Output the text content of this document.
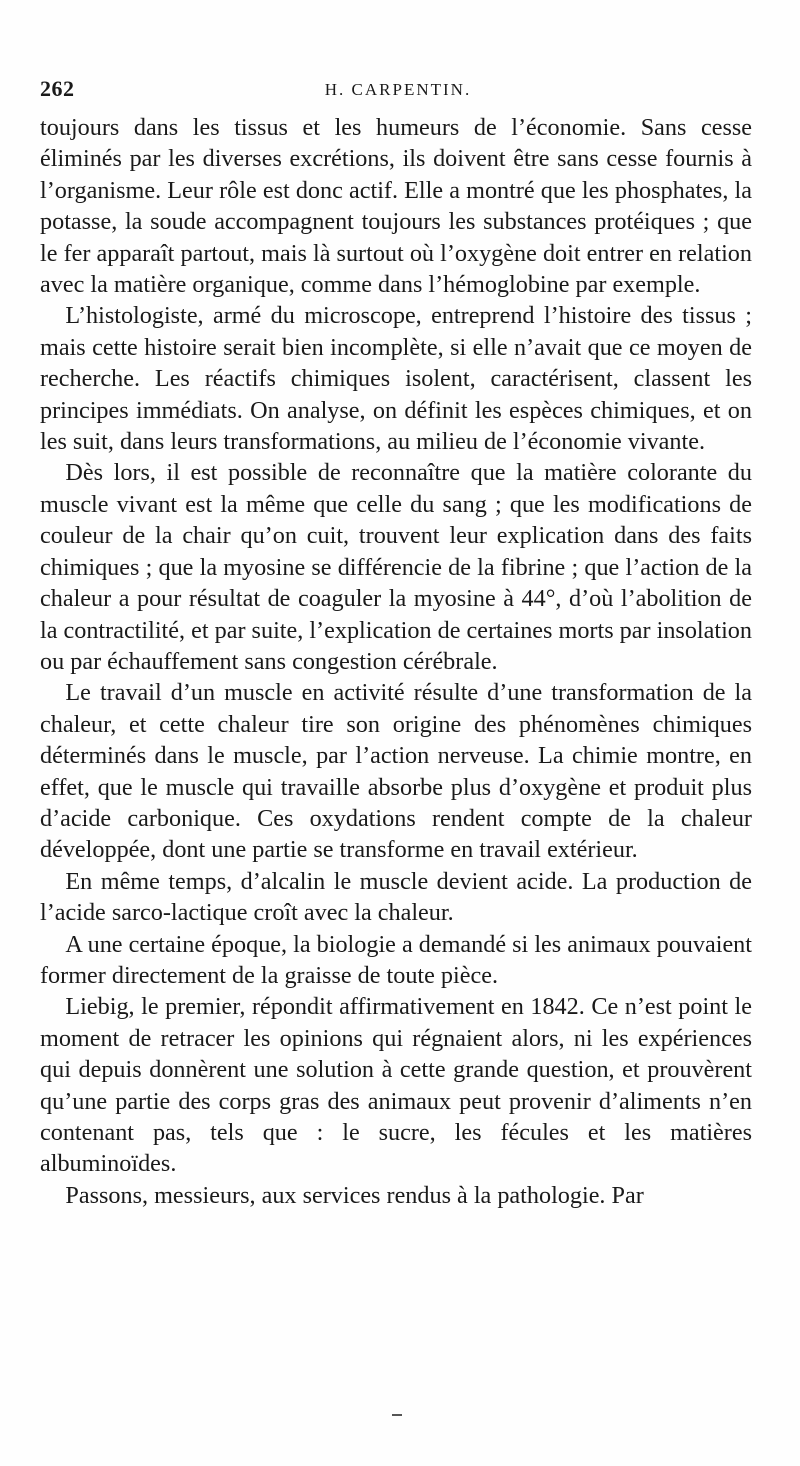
262	H. CARPENTIN.

toujours dans les tissus et les humeurs de l’économie. Sans cesse éliminés par les diverses excrétions, ils doivent être sans cesse fournis à l’organisme. Leur rôle est donc actif. Elle a montré que les phosphates, la potasse, la soude accompagnent toujours les substances protéiques ; que le fer apparaît partout, mais là surtout où l’oxygène doit entrer en relation avec la matière organique, comme dans l’hémoglobine par exemple.

L’histologiste, armé du microscope, entreprend l’histoire des tissus ; mais cette histoire serait bien incomplète, si elle n’avait que ce moyen de recherche. Les réactifs chimiques isolent, caractérisent, classent les principes immédiats. On analyse, on définit les espèces chimiques, et on les suit, dans leurs transformations, au milieu de l’économie vivante.

Dès lors, il est possible de reconnaître que la matière colorante du muscle vivant est la même que celle du sang ; que les modifications de couleur de la chair qu’on cuit, trouvent leur explication dans des faits chimiques ; que la myosine se différencie de la fibrine ; que l’action de la chaleur a pour résultat de coaguler la myosine à 44°, d’où l’abolition de la contractilité, et par suite, l’explication de certaines morts par insolation ou par échauffement sans congestion cérébrale.

Le travail d’un muscle en activité résulte d’une transformation de la chaleur, et cette chaleur tire son origine des phénomènes chimiques déterminés dans le muscle, par l’action nerveuse. La chimie montre, en effet, que le muscle qui travaille absorbe plus d’oxygène et produit plus d’acide carbonique. Ces oxydations rendent compte de la chaleur développée, dont une partie se transforme en travail extérieur.

En même temps, d’alcalin le muscle devient acide. La production de l’acide sarco-lactique croît avec la chaleur.

A une certaine époque, la biologie a demandé si les animaux pouvaient former directement de la graisse de toute pièce.

Liebig, le premier, répondit affirmativement en 1842. Ce n’est point le moment de retracer les opinions qui régnaient alors, ni les expériences qui depuis donnèrent une solution à cette grande question, et prouvèrent qu’une partie des corps gras des animaux peut provenir d’aliments n’en contenant pas, tels que : le sucre, les fécules et les matières albuminoïdes.

Passons, messieurs, aux services rendus à la pathologie. Par
